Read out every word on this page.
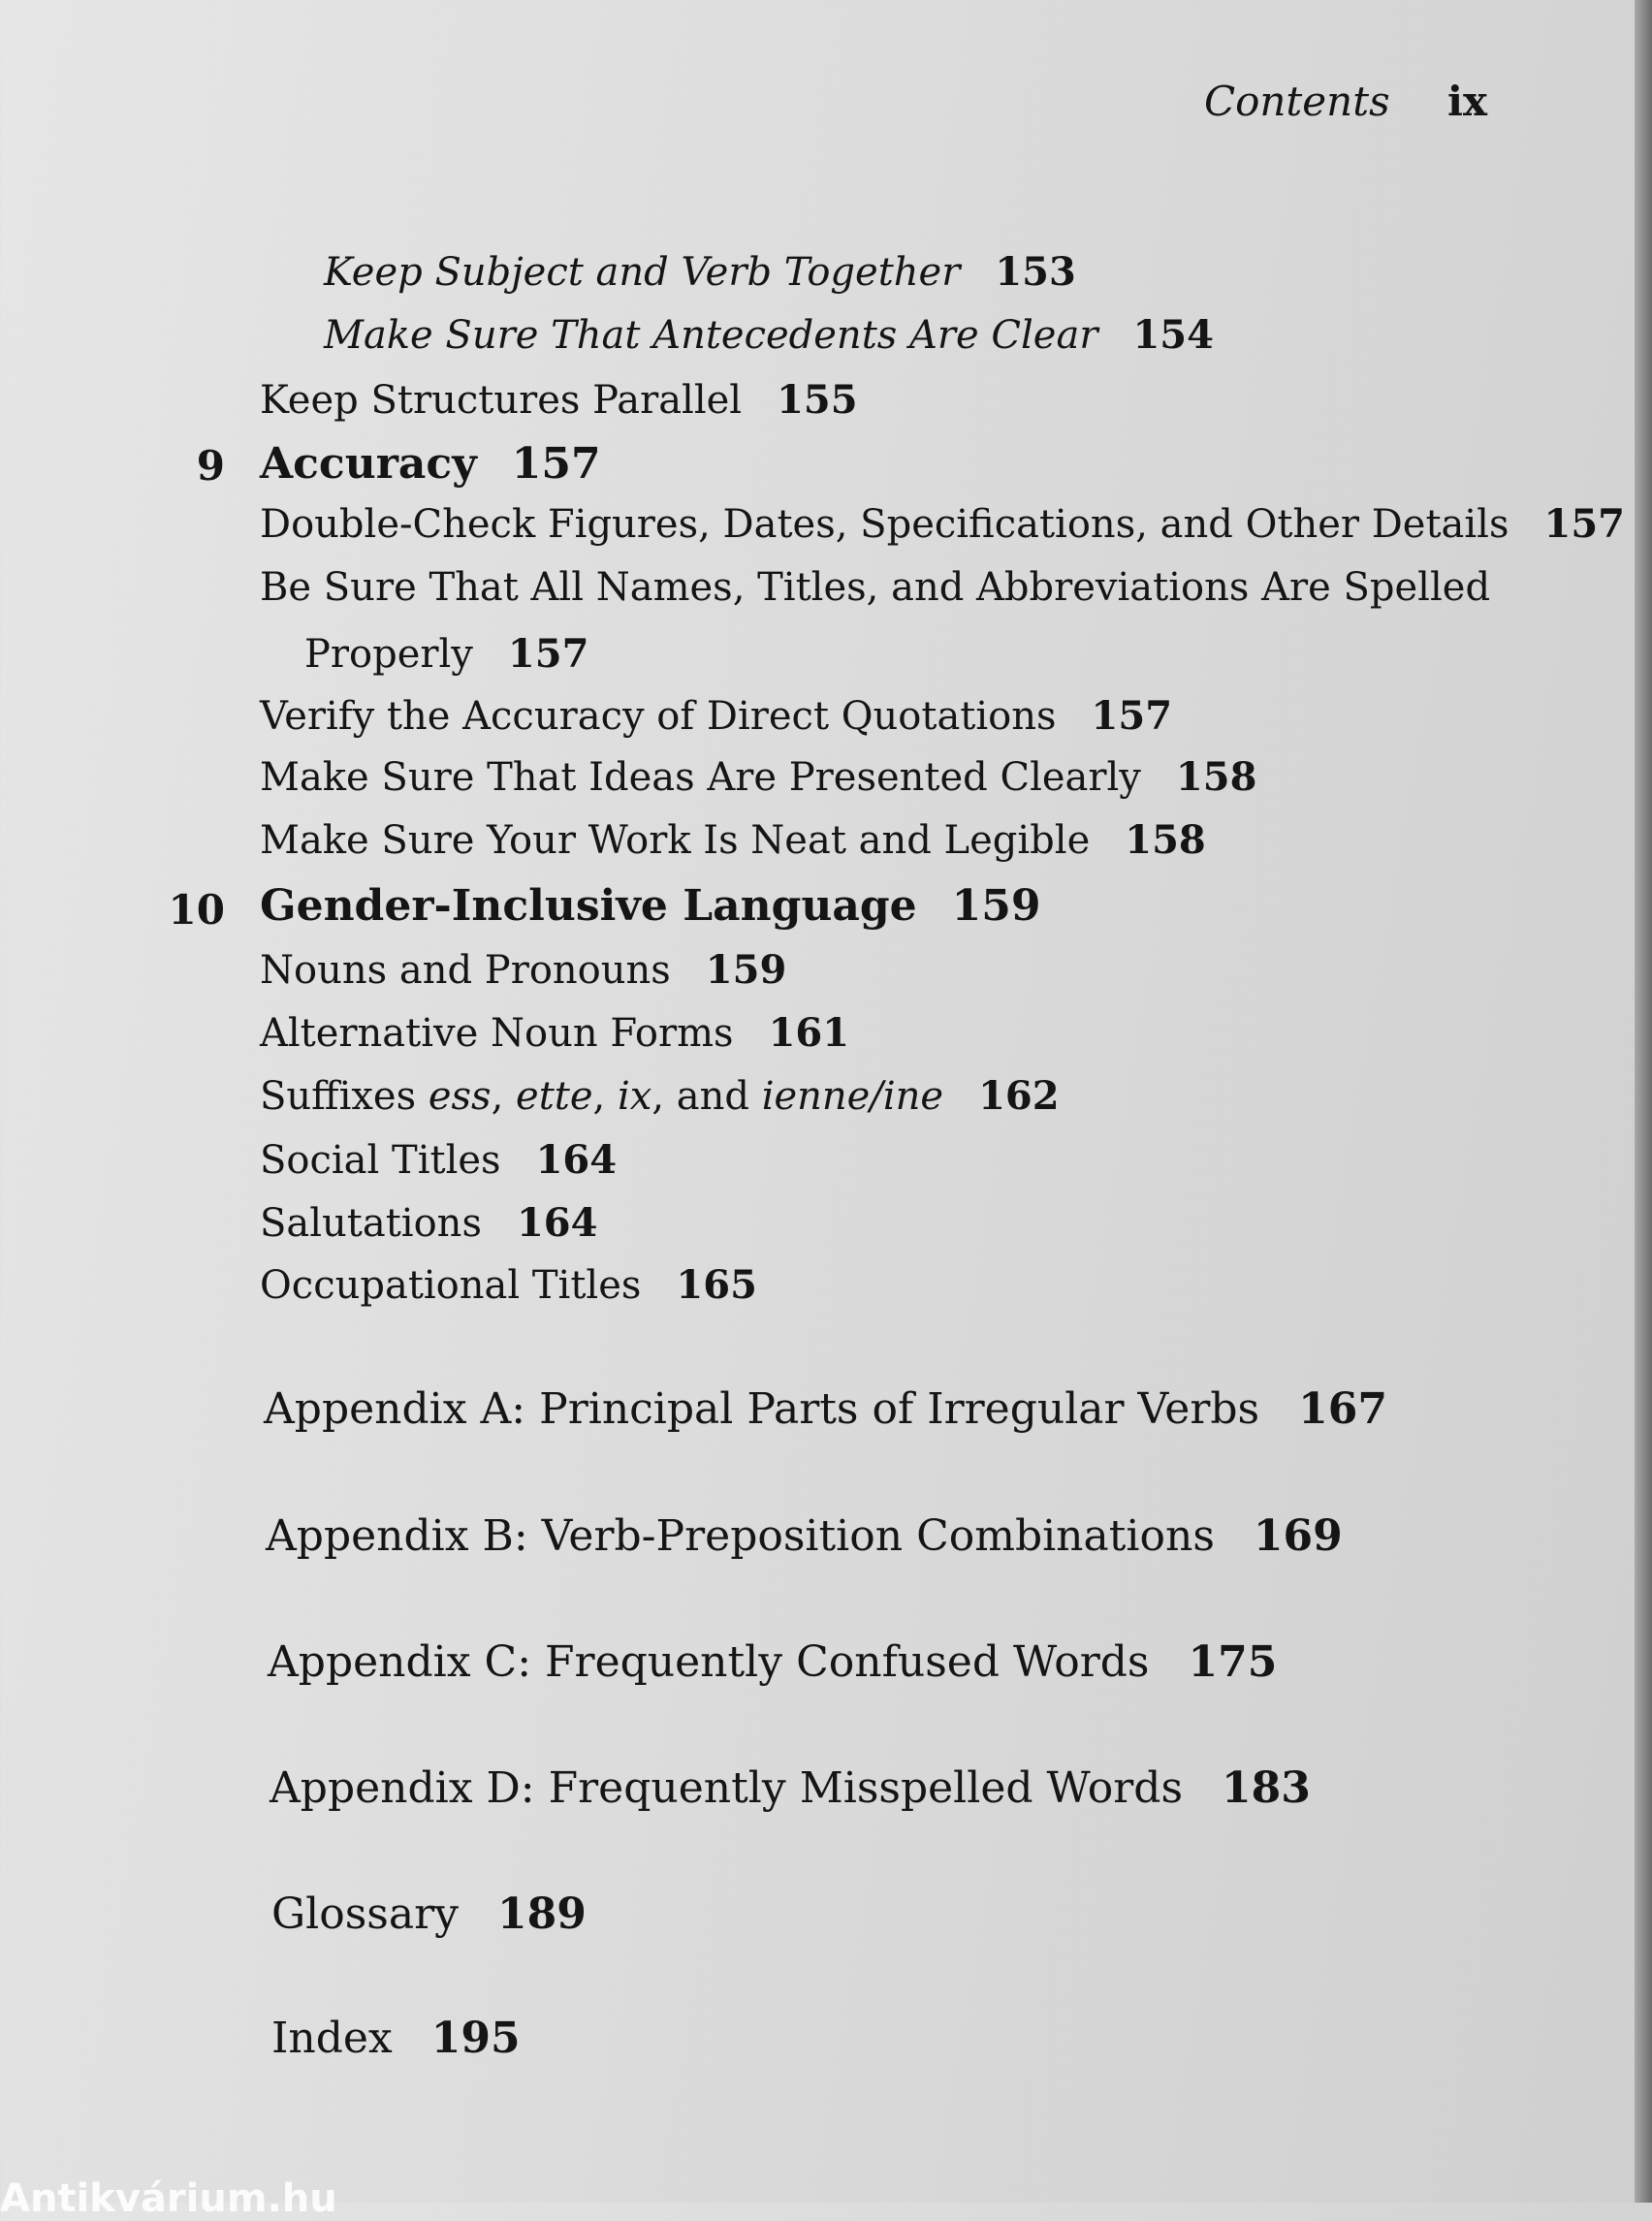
Contents ix
Keep Subject and Verb Together 153
Make Sure That Antecedents Are Clear 154
Keep Structures Parallel 155
9 Accuracy 157
Double-Check Figures, Dates, Specifications, and Other Details 157
Be Sure That All Names, Titles, and Abbreviations Are Spelled
Properly 157
Verify the Accuracy of Direct Quotations 157
Make Sure That Ideas Are Presented Clearly 158
Make Sure Your Work Is Neat and Legible 158
10 Gender-Inclusive Language 159
Nouns and Pronouns 159
Alternative Noun Forms 161
Suffixes ess, ette, ix, and ienne/ine 162
Social Titles 164
Salutations 164
Occupational Titles 165
Appendix A: Principal Parts of Irregular Verbs 167
Appendix B: Verb-Preposition Combinations 169
Appendix C: Frequently Confused Words 175
Appendix D: Frequently Misspelled Words 183
Glossary 189
Index 195
Antikvárium.hu
